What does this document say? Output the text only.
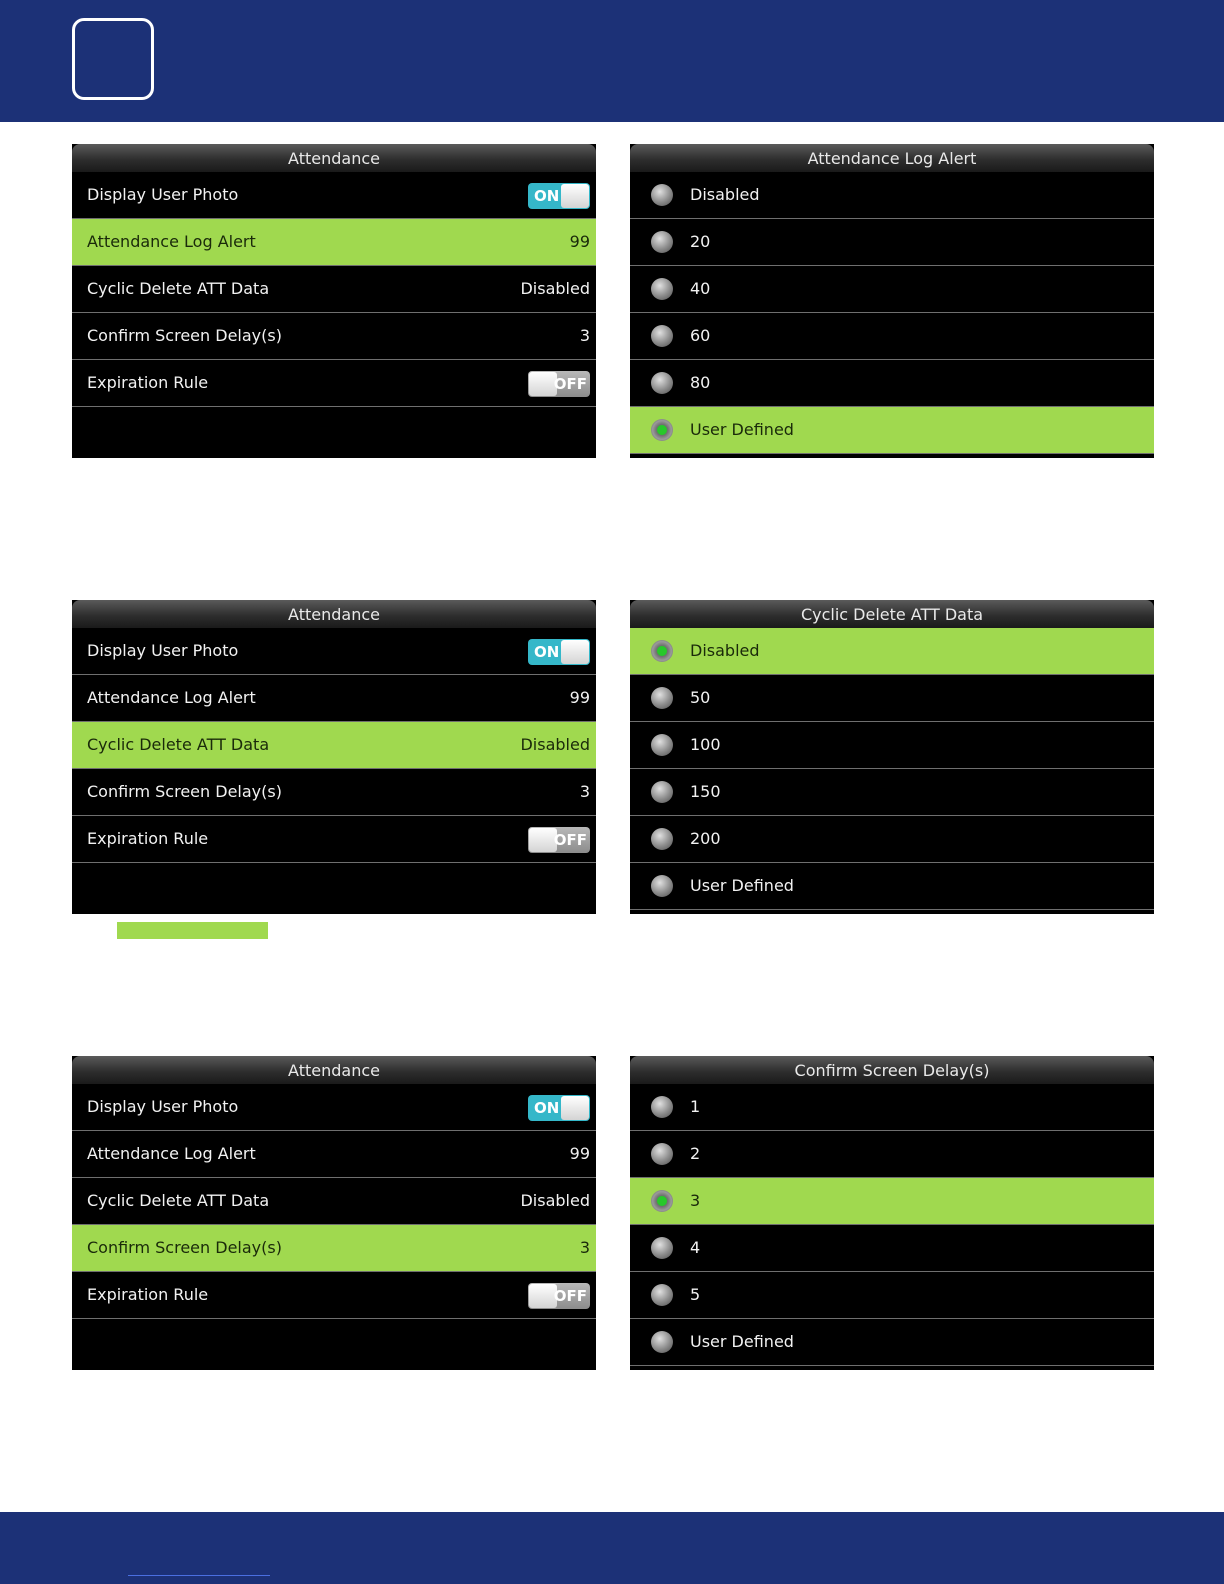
Attendance
Display User Photo	ON
Attendance Log Alert	99
Cyclic Delete ATT Data	Disabled
Confirm Screen Delay(s)	3
Expiration Rule	OFF
Attendance Log Alert
Disabled
20
40
60
80
User Defined
Attendance
Display User Photo	ON
Attendance Log Alert	99
Cyclic Delete ATT Data	Disabled
Confirm Screen Delay(s)	3
Expiration Rule	OFF
Cyclic Delete ATT Data
Disabled
50
100
150
200
User Defined
Attendance
Display User Photo	ON
Attendance Log Alert	99
Cyclic Delete ATT Data	Disabled
Confirm Screen Delay(s)	3
Expiration Rule	OFF
Confirm Screen Delay(s)
1
2
3
4
5
User Defined
